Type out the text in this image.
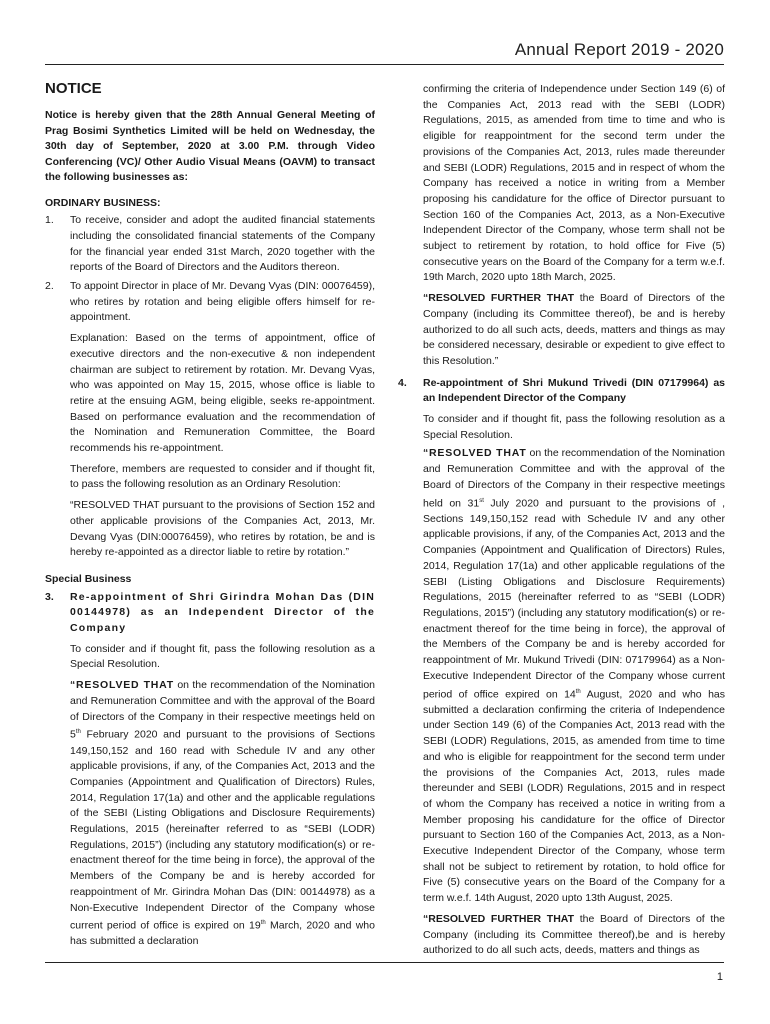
Annual Report 2019 - 2020
NOTICE

Notice is hereby given that the 28th Annual General Meeting of Prag Bosimi Synthetics Limited will be held on Wednesday, the 30th day of September, 2020 at 3.00 P.M. through Video Conferencing (VC)/ Other Audio Visual Means (OAVM) to transact the following businesses as:

ORDINARY BUSINESS:
1. To receive, consider and adopt the audited financial statements including the consolidated financial statements of the Company for the financial year ended 31st March, 2020 together with the reports of the Board of Directors and the Auditors thereon.

2. To appoint Director in place of Mr. Devang Vyas (DIN: 00076459), who retires by rotation and being eligible offers himself for re-appointment.

Explanation: Based on the terms of appointment, office of executive directors and the non-executive & non independent chairman are subject to retirement by rotation. Mr. Devang Vyas, who was appointed on May 15, 2015, whose office is liable to retire at the ensuing AGM, being eligible, seeks re-appointment. Based on performance evaluation and the recommendation of the Nomination and Remuneration Committee, the Board recommends his re-appointment.

Therefore, members are requested to consider and if thought fit, to pass the following resolution as an Ordinary Resolution:

“RESOLVED THAT pursuant to the provisions of Section 152 and other applicable provisions of the Companies Act, 2013, Mr. Devang Vyas (DIN:00076459), who retires by rotation, be and is hereby re-appointed as a director liable to retire by rotation.”

Special Business
3. Re-appointment of Shri Girindra Mohan Das (DIN 00144978) as an Independent Director of the Company

To consider and if thought fit, pass the following resolution as a Special Resolution.

“RESOLVED THAT on the recommendation of the Nomination and Remuneration Committee and with the approval of the Board of Directors of the Company in their respective meetings held on 5th February 2020 and pursuant to the provisions of Sections 149,150,152 and 160 read with Schedule IV and any other applicable provisions, if any, of the Companies Act, 2013 and the Companies (Appointment and Qualification of Directors) Rules, 2014, Regulation 17(1a) and other and the applicable regulations of the SEBI (Listing Obligations and Disclosure Requirements) Regulations, 2015 (hereinafter referred to as “SEBI (LODR) Regulations, 2015”) (including any statutory modification(s) or re-enactment thereof for the time being in force), the approval of the Members of the Company be and is hereby accorded for reappointment of Mr. Girindra Mohan Das (DIN: 00144978) as a Non-Executive Independent Director of the Company whose current period of office is expired on 19th March, 2020 and who has submitted a declaration

confirming the criteria of Independence under Section 149 (6) of the Companies Act, 2013 read with the SEBI (LODR) Regulations, 2015, as amended from time to time and who is eligible for reappointment for the second term under the provisions of the Companies Act, 2013, rules made thereunder and SEBI (LODR) Regulations, 2015 and in respect of whom the Company has received a notice in writing from a Member proposing his candidature for the office of Director pursuant to Section 160 of the Companies Act, 2013, as a Non-Executive Independent Director of the Company, whose term shall not be subject to retirement by rotation, to hold office for Five (5) consecutive years on the Board of the Company for a term w.e.f. 19th March, 2020 upto 18th March, 2025.

“RESOLVED FURTHER THAT the Board of Directors of the Company (including its Committee thereof), be and is hereby authorized to do all such acts, deeds, matters and things as may be considered necessary, desirable or expedient to give effect to this Resolution.”

4. Re-appointment of Shri Mukund Trivedi (DIN 07179964) as an Independent Director of the Company

To consider and if thought fit, pass the following resolution as a Special Resolution.

“RESOLVED THAT on the recommendation of the Nomination and Remuneration Committee and with the approval of the Board of Directors of the Company in their respective meetings held on 31st July 2020 and pursuant to the provisions of , Sections 149,150,152 read with Schedule IV and any other applicable provisions, if any, of the Companies Act, 2013 and the Companies (Appointment and Qualification of Directors) Rules, 2014, Regulation 17(1a) and other applicable regulations of the SEBI (Listing Obligations and Disclosure Requirements) Regulations, 2015 (hereinafter referred to as “SEBI (LODR) Regulations, 2015”) (including any statutory modification(s) or re-enactment thereof for the time being in force), the approval of the Members of the Company be and is hereby accorded for reappointment of Mr. Mukund Trivedi (DIN: 07179964) as a Non-Executive Independent Director of the Company whose current period of office expired on 14th August, 2020 and who has submitted a declaration confirming the criteria of Independence under Section 149 (6) of the Companies Act, 2013 read with the SEBI (LODR) Regulations, 2015, as amended from time to time and who is eligible for reappointment for the second term under the provisions of the Companies Act, 2013, rules made thereunder and SEBI (LODR) Regulations, 2015 and in respect of whom the Company has received a notice in writing from a Member proposing his candidature for the office of Director pursuant to Section 160 of the Companies Act, 2013, as a Non-Executive Independent Director of the Company, whose term shall not be subject to retirement by rotation, to hold office for Five (5) consecutive years on the Board of the Company for a term w.e.f. 14th August, 2020 upto 13th August, 2025.

“RESOLVED FURTHER THAT the Board of Directors of the Company (including its Committee thereof),be and is hereby authorized to do all such acts, deeds, matters and things as

1
